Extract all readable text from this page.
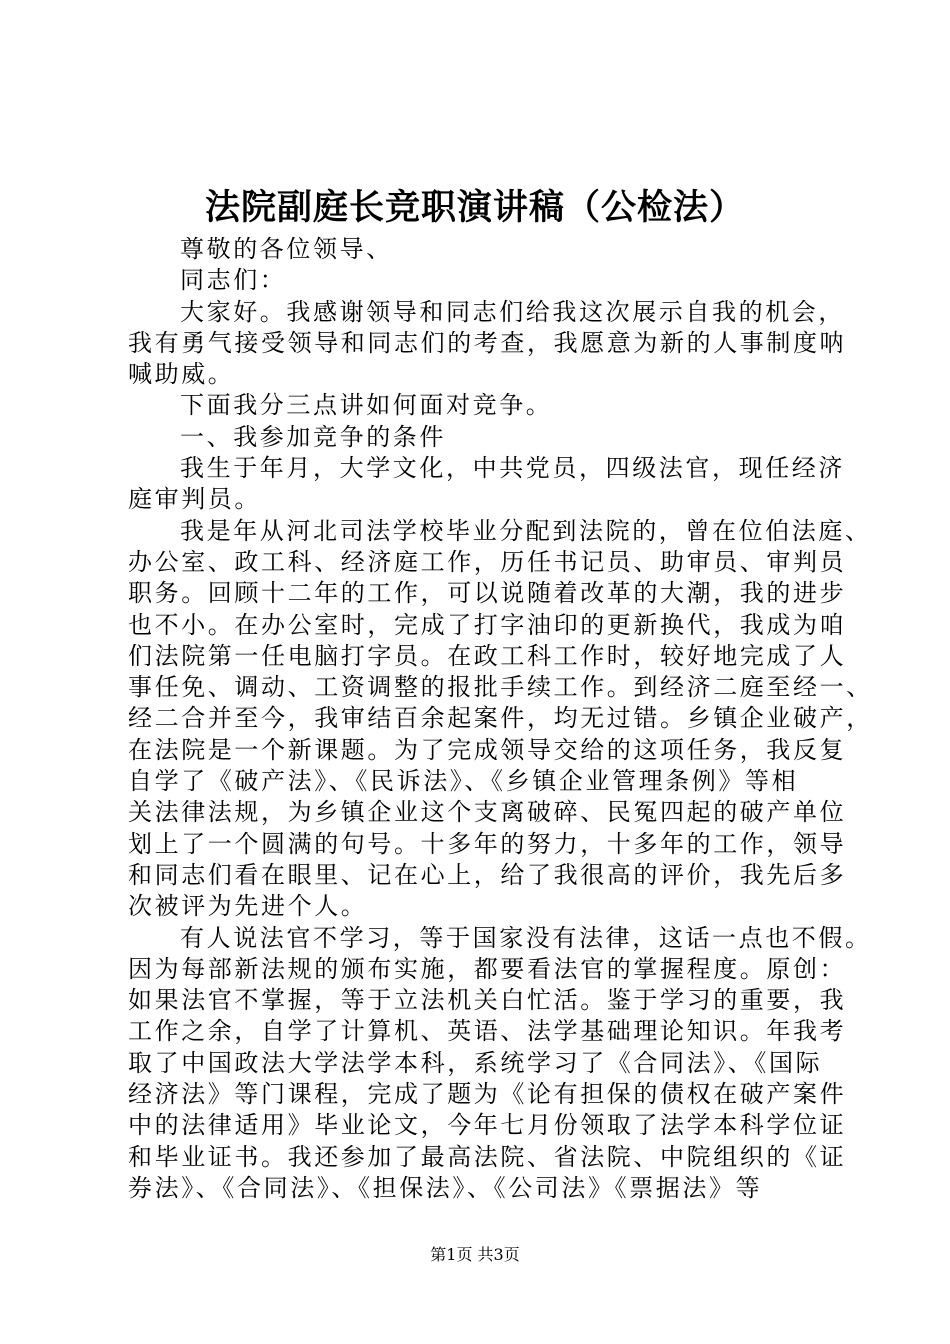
法院副庭长竞职演讲稿（公检法）
尊敬的各位领导、
同志们：
大家好。我感谢领导和同志们给我这次展示自我的机会，
我有勇气接受领导和同志们的考查，我愿意为新的人事制度呐
喊助威。
下面我分三点讲如何面对竞争。
一、我参加竞争的条件
我生于年月，大学文化，中共党员，四级法官，现任经济
庭审判员。
我是年从河北司法学校毕业分配到法院的，曾在位伯法庭、
办公室、政工科、经济庭工作，历任书记员、助审员、审判员
职务。回顾十二年的工作，可以说随着改革的大潮，我的进步
也不小。在办公室时，完成了打字油印的更新换代，我成为咱
们法院第一任电脑打字员。在政工科工作时，较好地完成了人
事任免、调动、工资调整的报批手续工作。到经济二庭至经一、
经二合并至今，我审结百余起案件，均无过错。乡镇企业破产，
在法院是一个新课题。为了完成领导交给的这项任务，我反复
自学了《破产法》、《民诉法》、《乡镇企业管理条例》等相
关法律法规，为乡镇企业这个支离破碎、民冤四起的破产单位
划上了一个圆满的句号。十多年的努力，十多年的工作，领导
和同志们看在眼里、记在心上，给了我很高的评价，我先后多
次被评为先进个人。
有人说法官不学习，等于国家没有法律，这话一点也不假。
因为每部新法规的颁布实施，都要看法官的掌握程度。原创：
如果法官不掌握，等于立法机关白忙活。鉴于学习的重要，我
工作之余，自学了计算机、英语、法学基础理论知识。年我考
取了中国政法大学法学本科，系统学习了《合同法》、《国际
经济法》等门课程，完成了题为《论有担保的债权在破产案件
中的法律适用》毕业论文，今年七月份领取了法学本科学位证
和毕业证书。我还参加了最高法院、省法院、中院组织的《证
券法》、《合同法》、《担保法》、《公司法》《票据法》等
第1页 共3页
